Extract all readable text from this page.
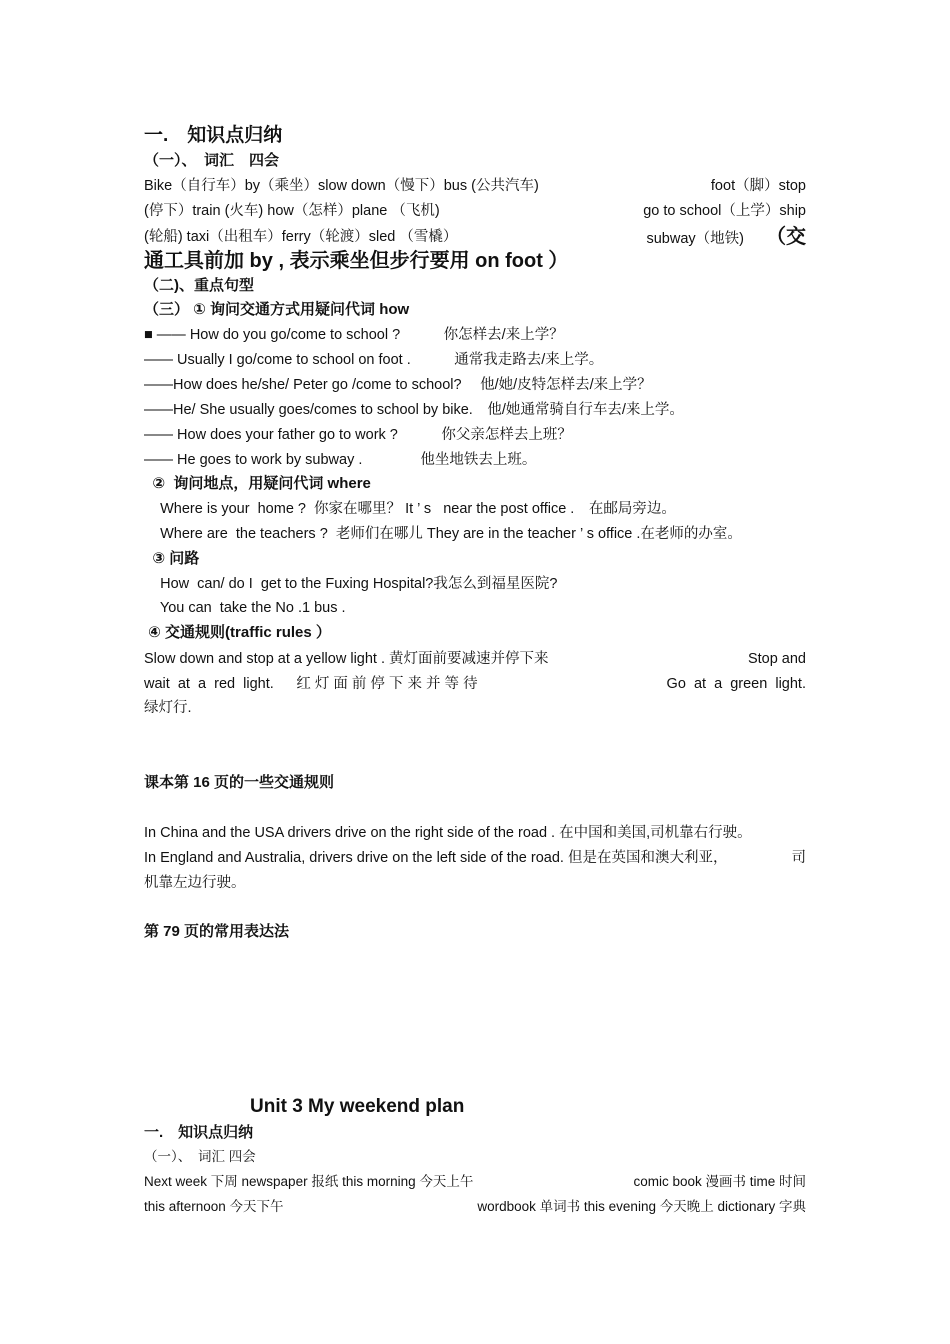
一.　知识点归纳
（一）、　词汇　四会
Bike（自行车）by（乘坐）slow down（慢下）bus (公共汽车)	foot（脚）stop
(停下）train (火车) how（怎样）plane （飞机)	go to school（上学）ship
(轮船) taxi（出租车）ferry（轮渡）sled （雪橇）	subway（地铁) （交
通工具前加 by , 表示乘坐但步行要用 on foot ）
（二)、重点句型
（三） ① 询问交通方式用疑问代词 how
■ —— How do you go/come to school ?　　　你怎样去/来上学？
—— Usually I go/come to school on foot .　　　通常我走路去/来上学。
——How does he/she/ Peter go /come to school?　 他/她/皮特怎样去/来上学？
——He/ She usually goes/comes to school by bike.　他/她通常骑自行车去/来上学。
—— How does your father go to work ?　　　你父亲怎样去上班？
—— He goes to work by subway .　　　　他坐地铁去上班。
②  询问地点，用疑问代词 where
Where is your  home ?  你家在哪里？ It ’ s   near the post office .　在邮局旁边。
Where are  the teachers ?  老师们在哪儿 They are in the teacher ’ s office .在老师的办室。
③ 问路
How  can/ do I  get to the Fuxing Hospital?我怎么到福星医院?
You can  take the No .1 bus .
④ 交通规则(traffic rules ）
Slow down and stop at a yellow light . 黄灯面前要减速并停下来	Stop and
wait  at  a  red  light.　  红 灯 面 前 停 下 来 并 等 待	Go  at  a  green  light.
绿灯行.
课本第 16 页的一些交通规则
In China and the USA drivers drive on the right side of the road . 在中国和美国,司机靠右行驶。
In England and Australia, drivers drive on the left side of the road. 但是在英国和澳大利亚，	司
机靠左边行驶。
第 79 页的常用表达法
Unit 3 My weekend plan
一.　知识点归纳
（一）、　词汇 四会
Next week 下周 newspaper 报纸 this morning 今天上午	comic book 漫画书 time 时间
this afternoon 今天下午	wordbook 单词书 this evening 今天晚上 dictionary 字典
